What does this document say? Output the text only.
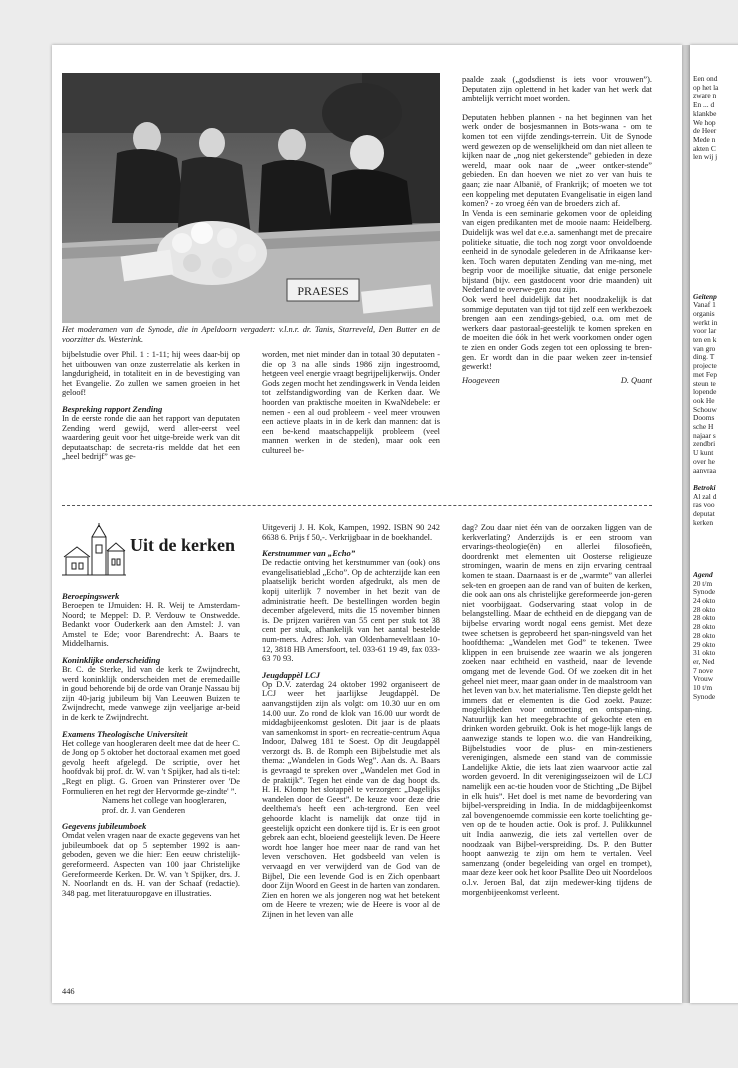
PRAESES
Het moderamen van de Synode, die in Apeldoorn vergadert: v.l.n.r. dr. Tanis, Starreveld, Den Butter en de voorzitter ds. Westerink.

paalde zaak („godsdienst is iets voor vrouwen”). Deputaten zijn oplettend in het kader van het werk dat ambtelijk verricht moet worden.

Deputaten hebben plannen - na het beginnen van het werk onder de bosjesmannen in Bots-wana - om te komen tot een vijfde zendings-terrein. Uit de Synode werd gewezen op de wenselijkheid om dan niet alleen te kijken naar de „nog niet gekerstende” gebieden in deze wereld, maar ook naar de „weer ontker-stende” gebieden. En dan hoeven we niet zo ver van huis te gaan; zie naar Albanië, of Frankrijk; of moeten we tot een koppeling met deputaten Evangelisatie in eigen land komen? - zo vroeg één van de broeders zich af.

In Venda is een seminarie gekomen voor de opleiding van eigen predikanten met de mooie naam: Heidelberg. Duidelijk was wel dat e.e.a. samenhangt met de precaire politieke situatie, die toch nog zorgt voor onvoldoende eenheid in de synodale gelederen in de Afrikaanse ker-ken. Toch waren deputaten Zending van me-ning, met begrip voor de moeilijke situatie, dat enige personele bijstand (bijv. een gastdocent voor drie maanden) uit Nederland te overwe-gen zou zijn.

Ook werd heel duidelijk dat het noodzakelijk is dat sommige deputaten van tijd tot tijd zelf een werkbezoek brengen aan een zendings-gebied, o.a. om met de werkers daar pastoraal-geestelijk te komen spreken en de moeiten die óók in het werk voorkomen onder ogen te zien en onder Gods zegen tot een oplossing te bren-gen. Er wordt dan in die paar weken zeer in-tensief gewerkt!

Hoogeveen	D. Quant

bijbelstudie over Phil. 1 : 1-11; hij wees daar-bij op het uitbouwen van onze zusterrelatie als kerken in langdurigheid, in totaliteit en in de bevestiging van het Evangelie. Zo zullen we samen groeien in het geloof!

Bespreking rapport Zending

In de eerste ronde die aan het rapport van deputaten Zending werd gewijd, werd aller-eerst veel waardering geuit voor het uitge-breide werk van dit deputaatschap: de secreta-ris meldde dat het een „heel bedrijf” was ge-

worden, met niet minder dan in totaal 30 deputaten - die op 3 na alle sinds 1986 zijn ingestroomd, hetgeen veel energie vraagt begrijpelijkerwijs. Onder Gods zegen mocht het zendingswerk in Venda leiden tot zelfstandigwording van de Kerken daar. We hoorden van praktische moeiten in KwaNdebele: er nemen - een al oud probleem - veel meer vrouwen een actieve plaats in in de kerk dan mannen: dat is een be-kend maatschappelijk probleem (veel mannen werken in de steden), maar ook een cultureel be-

Uit de kerken
Beroepingswerk

Beroepen te IJmuiden: H. R. Weij te Amsterdam-Noord; te Meppel: D. P. Verdouw te Onstwedde. Bedankt voor Ouderkerk aan den Amstel: J. van Amstel te Ede; voor Barendrecht: A. Baars te Middelharnis.

Koninklijke onderscheiding

Br. C. de Sterke, lid van de kerk te Zwijndrecht, werd koninklijk onderscheiden met de eremedaille in goud behorende bij de orde van Oranje Nassau bij zijn 40-jarig jubileum bij Van Leeuwen Buizen te Zwijndrecht, mede vanwege zijn veeljarige ar-beid in de kerk te Zwijndrecht.

Examens Theologische Universiteit

Het college van hoogleraren deelt mee dat de heer C. de Jong op 5 oktober het doctoraal examen met goed gevolg heeft afgelegd. De scriptie, over het hoofdvak bij prof. dr. W. van 't Spijker, had als ti-tel: „Regt en pligt. G. Groen van Prinsterer over 'De Formulieren en het regt der Hervormde ge-zindte' ”.

Namens het college van hoogleraren, prof. dr. J. van Genderen

Gegevens jubileumboek

Omdat velen vragen naar de exacte gegevens van het jubileumboek dat op 5 september 1992 is aan-geboden, geven we die hier: Een eeuw christelijk-gereformeerd. Aspecten van 100 jaar Christelijke Gereformeerde Kerken. Dr. W. van 't Spijker, drs. J. N. Noorlandt en ds. H. van der Schaaf (redactie). 348 pag. met literatuuropgave en illustraties.

Uitgeverij J. H. Kok, Kampen, 1992. ISBN 90 242 6638 6. Prijs f 50,-. Verkrijgbaar in de boekhandel.

Kerstnummer van „Echo”

De redactie ontving het kerstnummer van (ook) ons evangelisatieblad „Echo”. Op de achterzijde kan een plaatselijk bericht worden afgedrukt, als men de kopij uiterlijk 7 november in het bezit van de administratie heeft. De bestellingen worden begin december afgeleverd, mits die 15 november binnen is. De prijzen variëren van 55 cent per stuk tot 38 cent per stuk, afhankelijk van het aantal bestelde num-mers. Adres: Joh. van Oldenbarneveltlaan 10-12, 3818 HB Amersfoort, tel. 033-61 19 49, fax 033-63 70 93.

Jeugdappèl LCJ

Op D.V. zaterdag 24 oktober 1992 organiseert de LCJ weer het jaarlijkse Jeugdappèl. De aanvangstijden zijn als volgt: om 10.30 uur en om 14.00 uur. Zo rond de klok van 16.00 uur wordt de middagbijeenkomst gesloten. Dit jaar is de plaats van samenkomst in sport- en recreatie-centrum Aqua Indoor, Dalweg 181 te Soest. Op dit Jeugdappèl verzorgt ds. B. de Romph een Bijbelstudie met als thema: „Wandelen in Gods Weg”. Aan ds. A. Baars is gevraagd te spreken over „Wandelen met God in de praktijk”. Tegen het einde van de dag hoopt ds. H. H. Klomp het slotappèl te verzorgen: „Dagelijks wandelen door de Geest”. De keuze voor deze drie deelthema's heeft een ach-tergrond. Een veel gehoorde klacht is namelijk dat onze tijd in geestelijk opzicht een donkere tijd is. Er is een groot gebrek aan echt, bloeiend geestelijk leven. De Heere wordt hoe langer hoe meer naar de rand van het leven verschoven. Het godsbeeld van velen is vervaagd en ver verwijderd van de God van de Bijbel, Die een levende God is en Zich openbaart door Zijn Woord en Geest in de harten van zondaren. Zien en horen we als jongeren nog wat het betekent om de Heere te vrezen; wie de Heere is voor al de Zijnen in het leven van alle

dag? Zou daar niet één van de oorzaken liggen van de kerkverlating? Anderzijds is er een stroom van ervarings-theologie(ën) en allerlei filosofieën, doordrenkt met elementen uit Oosterse religieuze stromingen, waarin de mens en zijn ervaring centraal komen te staan. Daarnaast is er de „warmte” van allerlei sek-ten en groepen aan de rand van of buiten de kerken, die ook aan ons als christelijke gereformeerde jon-geren niet voorbijgaat. Godservaring staat volop in de belangstelling. Maar de echtheid en de diepgang van de bijbelse ervaring wordt nogal eens gemist. Met deze twee schetsen is geprobeerd het span-ningsveld van het hoofdthema: „Wandelen met God” te tekenen. Twee klippen in een bruisende zee waarin we als jongeren zoeken naar echtheid en vastheid, naar de levende omgang met de levende God. Of we zoeken dit in het geheel niet meer, maar gaan onder in de maalstroom van het leven van b.v. het materialisme. Ten diepste geldt het immers dat er elementen is die God zoekt. Pauze: mogelijkheden voor ontmoeting en ontspan-ning. Natuurlijk kan het meegebrachte of gekochte eten en drinken worden gebruikt. Ook is het moge-lijk langs de aanwezige stands te lopen w.o. die van Handreiking, Bijbelstudies voor de plus- en min-zestieners verenigingen, alsmede een stand van de commissie Landelijke Aktie, die iets laat zien waarvoor actie zal worden gevoerd. In dit verenigingsseizoen wil de LCJ namelijk een ac-tie houden voor de Stichting „De Bijbel in elk huis”. Het doel is met name de bevordering van bijbel-verspreiding in India. In de middagbijeenkomst zal bovengenoemde commissie een korte toelichting ge-ven op de te houden actie. Ook is prof. J. Pulikkunnel uit India aanwezig, die iets zal vertellen over de noodzaak van Bijbel-verspreiding. Ds. P. den Butter hoopt aanwezig te zijn om hem te vertalen. Veel samenzang (onder begeleiding van orgel en trompet), maar deze keer ook het koor Psallite Deo uit Noordeloos o.l.v. Jeroen Bal, dat zijn medewer-king tijdens de morgenbijeenkomst verleent.

446
Een ond
op het la
zware n
En ... d
klankbe
We hop
de Heer
Mede n
akten C
len wij j
Geitenp
Vanaf 1
organis
werkt in
voor lar
ten en k
van gro
ding. T
projecte
met Fep
steun te
lopende
ook He
Schouw
Dooms
sche H
najaar s
zendbri
U kunt
over he
aanvraa
Betroki
Al zal d
ras voo
deputat
kerken
Agend
20 t/m
Synode
24 okto
28 okto
28 okto
28 okto
28 okto
29 okto
31 okto
er, Ned
7 nove
Vrouw
10 t/m
Synode
